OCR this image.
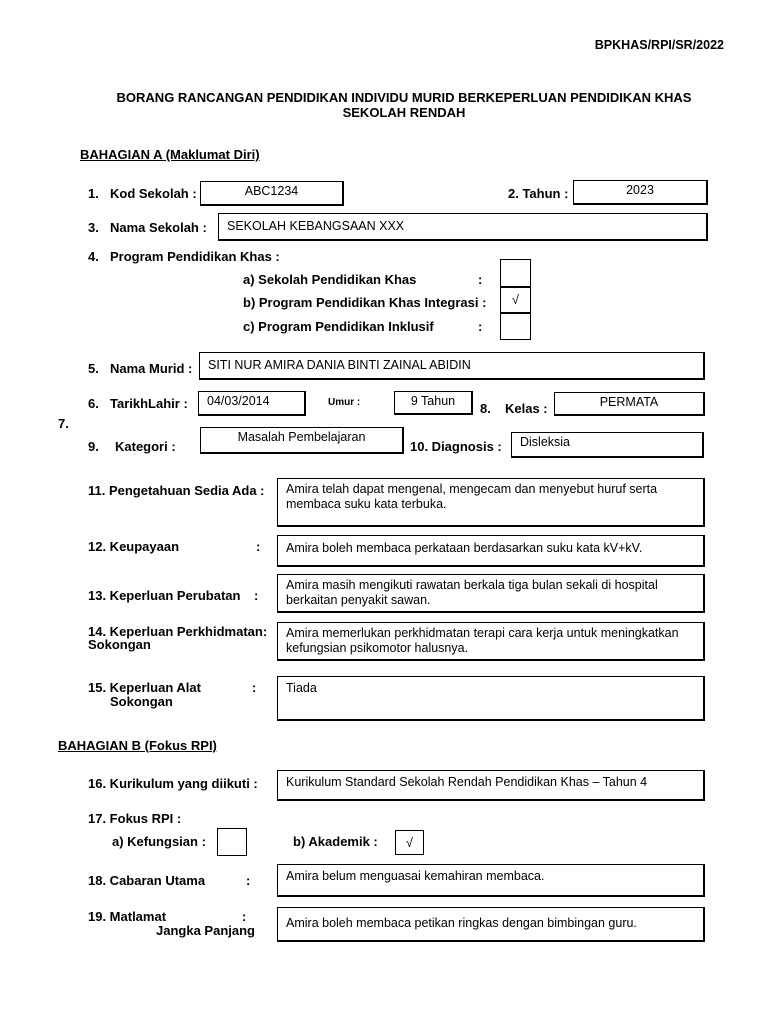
BPKHAS/RPI/SR/2022
BORANG RANCANGAN PENDIDIKAN INDIVIDU MURID BERKEPERLUAN PENDIDIKAN KHAS
SEKOLAH RENDAH
BAHAGIAN A (Maklumat Diri)
1. Kod Sekolah :	ABC1234	2. Tahun :	2023
3. Nama Sekolah :	SEKOLAH KEBANGSAAN XXX
4. Program Pendidikan Khas :
a) Sekolah Pendidikan Khas	:
b) Program Pendidikan Khas Integrasi :	√
c) Program Pendidikan Inklusif	:
5. Nama Murid :	SITI NUR AMIRA DANIA BINTI ZAINAL ABIDIN
6. TarikhLahir :	04/03/2014	Umur :	9 Tahun	8. Kelas :	PERMATA
7.
9. Kategori :
Masalah Pembelajaran
10. Diagnosis :	Disleksia
11. Pengetahuan Sedia Ada :	Amira telah dapat mengenal, mengecam dan menyebut huruf serta membaca suku kata terbuka.
12. Keupayaan	:	Amira boleh membaca perkataan berdasarkan suku kata kV+kV.
13. Keperluan Perubatan :
Amira masih mengikuti rawatan berkala tiga bulan sekali di hospital berkaitan penyakit sawan.
14. Keperluan Perkhidmatan:
Sokongan
Amira memerlukan perkhidmatan terapi cara kerja untuk meningkatkan kefungsian psikomotor halusnya.
15. Keperluan Alat	:
Sokongan
Tiada
BAHAGIAN B (Fokus RPI)
16. Kurikulum yang diikuti :	Kurikulum Standard Sekolah Rendah Pendidikan Khas – Tahun 4
17. Fokus RPI :
a) Kefungsian :	b) Akademik :	√
18. Cabaran Utama	:	Amira belum menguasai kemahiran membaca.
19. Matlamat	:
Jangka Panjang	Amira boleh membaca petikan ringkas dengan bimbingan guru.
